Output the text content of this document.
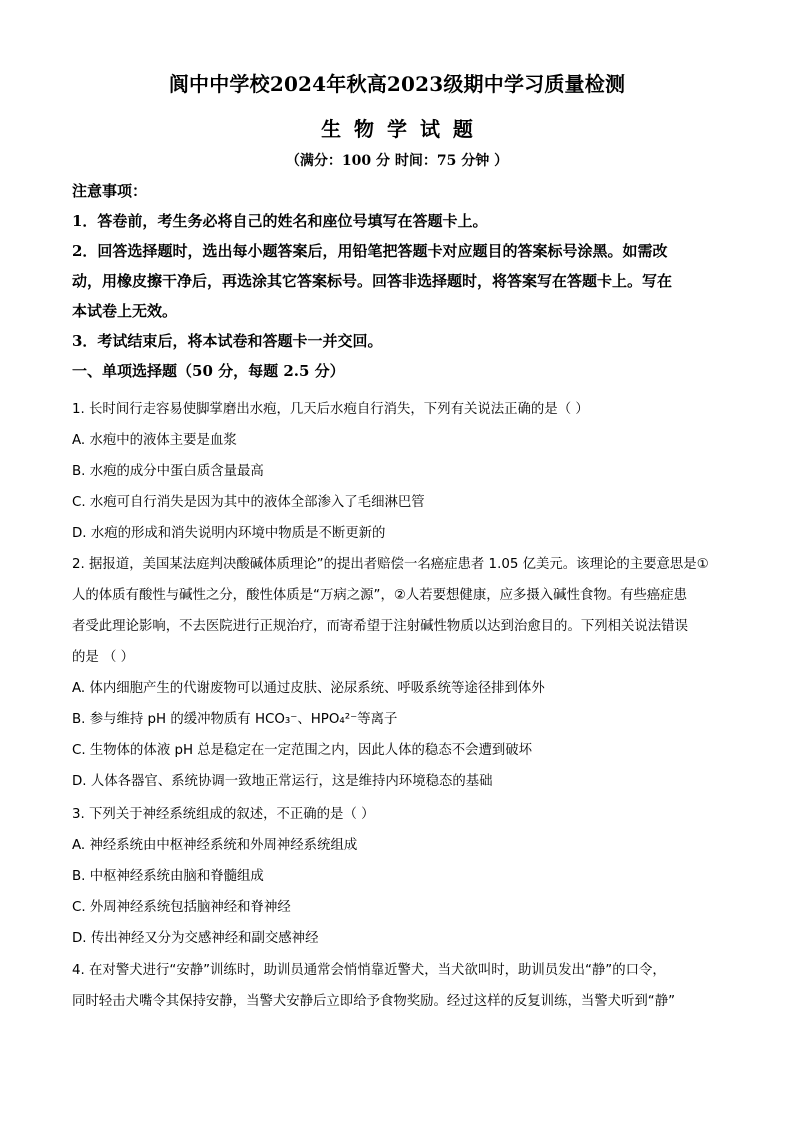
阆中中学校2024年秋高2023级期中学习质量检测
生 物 学 试 题
（满分：100 分 时间：75 分钟 ）

注意事项：

1．答卷前，考生务必将自己的姓名和座位号填写在答题卡上。

2．回答选择题时，选出每小题答案后，用铅笔把答题卡对应题目的答案标号涂黑。如需改

动，用橡皮擦干净后，再选涂其它答案标号。回答非选择题时，将答案写在答题卡上。写在

本试卷上无效。

3．考试结束后，将本试卷和答题卡一并交回。

一、单项选择题（50 分，每题 2.5 分）

1. 长时间行走容易使脚掌磨出水疱，几天后水疱自行消失，下列有关说法正确的是（ ）

A. 水疱中的液体主要是血浆

B. 水疱的成分中蛋白质含量最高

C. 水疱可自行消失是因为其中的液体全部渗入了毛细淋巴管

D. 水疱的形成和消失说明内环境中物质是不断更新的

2. 据报道，美国某法庭判决酸碱体质理论”的提出者赔偿一名癌症患者 1.05 亿美元。该理论的主要意思是①

人的体质有酸性与碱性之分，酸性体质是“万病之源”，②人若要想健康，应多摄入碱性食物。有些癌症患

者受此理论影响，不去医院进行正规治疗，而寄希望于注射碱性物质以达到治愈目的。下列相关说法错误

的是 （ ）

A. 体内细胞产生的代谢废物可以通过皮肤、泌尿系统、呼吸系统等途径排到体外

B. 参与维持 pH 的缓冲物质有 HCO₃⁻、HPO₄²⁻等离子

C. 生物体的体液 pH 总是稳定在一定范围之内，因此人体的稳态不会遭到破坏

D. 人体各器官、系统协调一致地正常运行，这是维持内环境稳态的基础

3. 下列关于神经系统组成的叙述，不正确的是（ ）

A. 神经系统由中枢神经系统和外周神经系统组成

B. 中枢神经系统由脑和脊髓组成

C. 外周神经系统包括脑神经和脊神经

D. 传出神经又分为交感神经和副交感神经

4. 在对警犬进行“安静”训练时，助训员通常会悄悄靠近警犬，当犬欲叫时，助训员发出“静”的口令，

同时轻击犬嘴令其保持安静，当警犬安静后立即给予食物奖励。经过这样的反复训练，当警犬听到“静”
